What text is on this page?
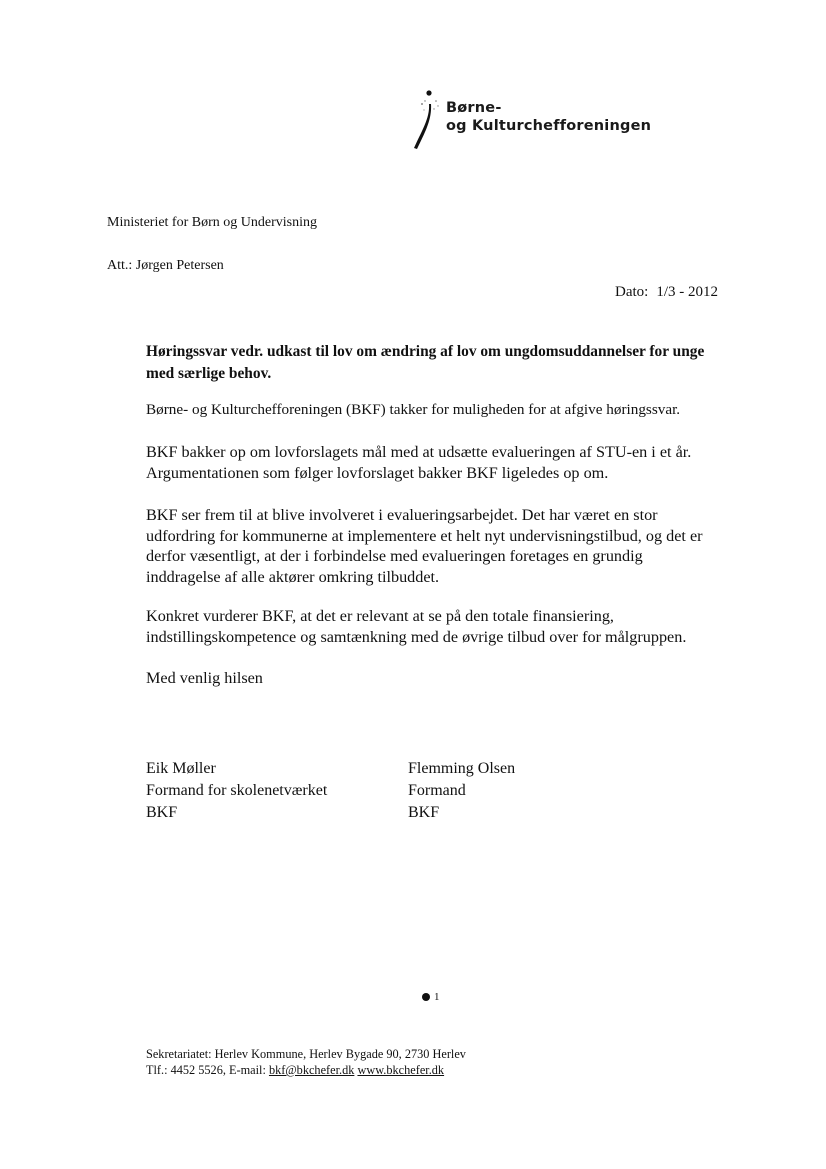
Børne-
og Kulturchefforeningen
Ministeriet for Børn og Undervisning
Att.: Jørgen Petersen
Dato: 1/3 - 2012
Høringssvar vedr. udkast til lov om ændring af lov om ungdomsuddannelser for unge med særlige behov.
Børne- og Kulturchefforeningen (BKF) takker for muligheden for at afgive høringssvar.
BKF bakker op om lovforslagets mål med at udsætte evalueringen af STU-en i et år. Argumentationen som følger lovforslaget bakker BKF ligeledes op om.
BKF ser frem til at blive involveret i evalueringsarbejdet. Det har været en stor udfordring for kommunerne at implementere et helt nyt undervisningstilbud, og det er derfor væsentligt, at der i forbindelse med evalueringen foretages en grundig inddragelse af alle aktører omkring tilbuddet.
Konkret vurderer BKF, at det er relevant at se på den totale finansiering, indstillingskompetence og samtænkning med de øvrige tilbud over for målgruppen.
Med venlig hilsen
Eik Møller
Formand for skolenetværket
BKF
Flemming Olsen
Formand
BKF
1
Sekretariatet: Herlev Kommune, Herlev Bygade 90, 2730 Herlev
Tlf.: 4452 5526, E-mail: bkf@bkchefer.dk www.bkchefer.dk
